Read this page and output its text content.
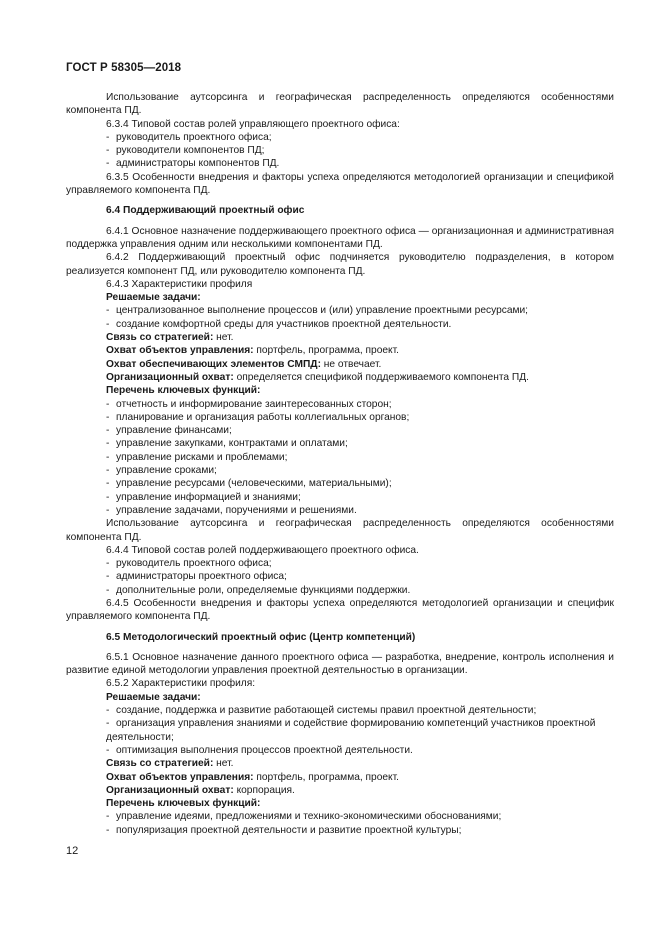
ГОСТ Р 58305—2018

Использование аутсорсинга и географическая распределенность определяются особенностями компонента ПД.

6.3.4 Типовой состав ролей управляющего проектного офиса:

- руководитель проектного офиса;

- руководители компонентов ПД;

- администраторы компонентов ПД.

6.3.5 Особенности внедрения и факторы успеха определяются методологией организации и спецификой управляемого компонента ПД.

6.4 Поддерживающий проектный офис

6.4.1 Основное назначение поддерживающего проектного офиса — организационная и административная поддержка управления одним или несколькими компонентами ПД.

6.4.2 Поддерживающий проектный офис подчиняется руководителю подразделения, в котором реализуется компонент ПД, или руководителю компонента ПД.

6.4.3 Характеристики профиля

Решаемые задачи:

- централизованное выполнение процессов и (или) управление проектными ресурсами;

- создание комфортной среды для участников проектной деятельности.

Связь со стратегией: нет.

Охват объектов управления: портфель, программа, проект.

Охват обеспечивающих элементов СМПД: не отвечает.

Организационный охват: определяется спецификой поддерживаемого компонента ПД.

Перечень ключевых функций:

- отчетность и информирование заинтересованных сторон;

- планирование и организация работы коллегиальных органов;

- управление финансами;

- управление закупками, контрактами и оплатами;

- управление рисками и проблемами;

- управление сроками;

- управление ресурсами (человеческими, материальными);

- управление информацией и знаниями;

- управление задачами, поручениями и решениями.

Использование аутсорсинга и географическая распределенность определяются особенностями компонента ПД.

6.4.4 Типовой состав ролей поддерживающего проектного офиса.

- руководитель проектного офиса;

- администраторы проектного офиса;

- дополнительные роли, определяемые функциями поддержки.

6.4.5 Особенности внедрения и факторы успеха определяются методологией организации и специфик управляемого компонента ПД.

6.5 Методологический проектный офис (Центр компетенций)

6.5.1 Основное назначение данного проектного офиса — разработка, внедрение, контроль исполнения и развитие единой методологии управления проектной деятельностью в организации.

6.5.2 Характеристики профиля:

Решаемые задачи:

- создание, поддержка и развитие работающей системы правил проектной деятельности;

- организация управления знаниями и содействие формированию компетенций участников проектной деятельности;

- оптимизация выполнения процессов проектной деятельности.

Связь со стратегией: нет.

Охват объектов управления: портфель, программа, проект.

Организационный охват: корпорация.

Перечень ключевых функций:

- управление идеями, предложениями и технико-экономическими обоснованиями;

- популяризация проектной деятельности и развитие проектной культуры;

12
